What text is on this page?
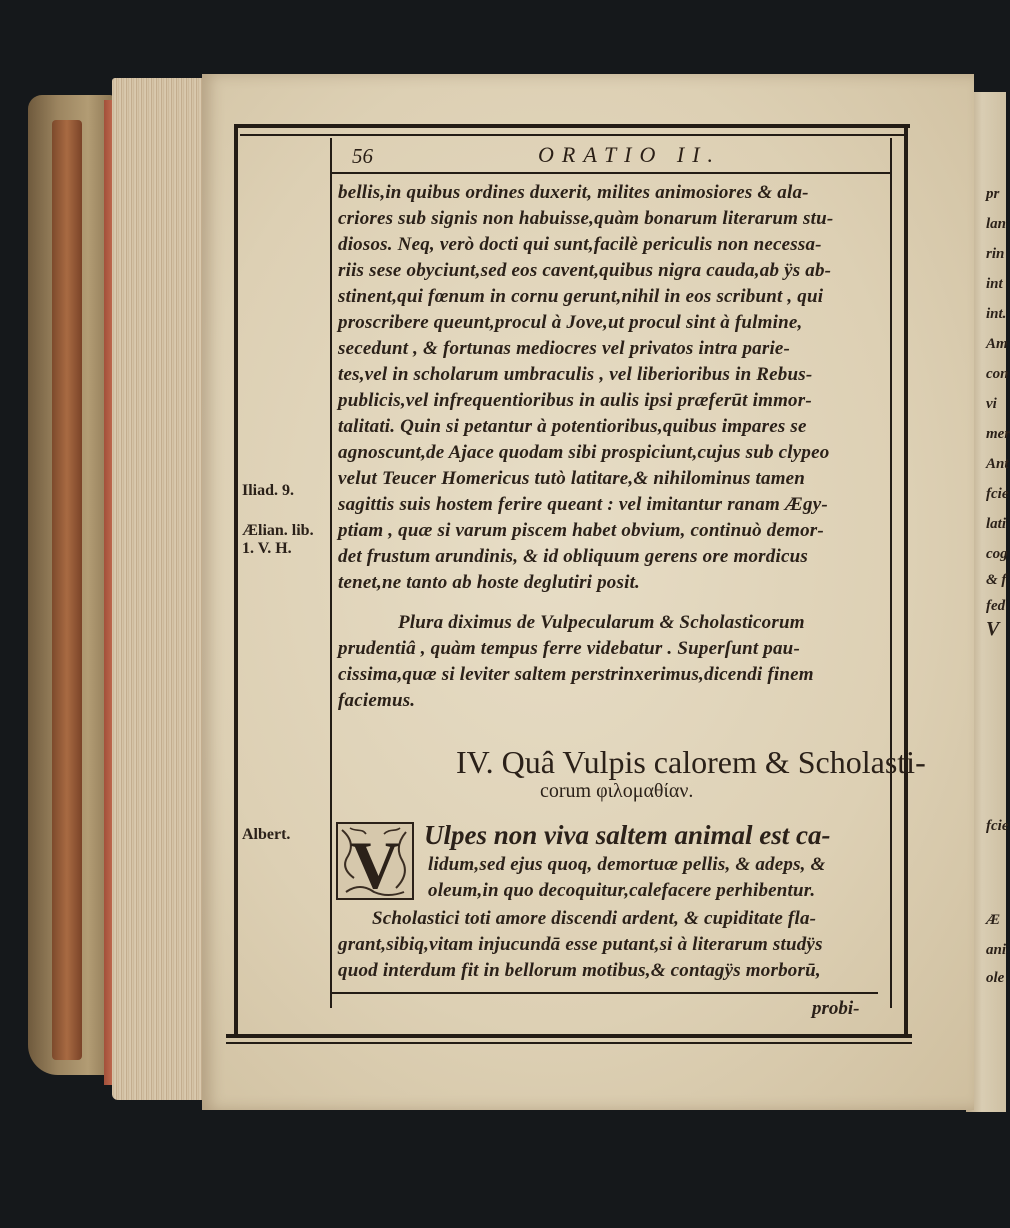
56	ORATIO II.
Iliad. 9.
Ælian. lib.
1. V. H.
Albert.
bellis,in quibus ordines duxerit, milites animosiores & ala-
criores sub signis non habuisse,quàm bonarum literarum stu-
diosos. Neq, verò docti qui sunt,facilè periculis non necessa-
riis sese obyciunt,sed eos cavent,quibus nigra cauda,ab ÿs ab-
stinent,qui fœnum in cornu gerunt,nihil in eos scribunt , qui
proscribere queunt,procul à Jove,ut procul sint à fulmine,
secedunt , & fortunas mediocres vel privatos intra parie-
tes,vel in scholarum umbraculis , vel liberioribus in Rebus-
publicis,vel infrequentioribus in aulis ipsi præferūt immor-
talitati. Quin si petantur à potentioribus,quibus impares se
agnoscunt,de Ajace quodam sibi prospiciunt,cujus sub clypeo
velut Teucer Homericus tutò latitare,& nihilominus tamen
sagittis suis hostem ferire queant : vel imitantur ranam Ægy-
ptiam , quæ si varum piscem habet obvium, continuò demor-
det frustum arundinis, & id obliquum gerens ore mordicus
tenet,ne tanto ab hoste deglutiri posit.
Plura diximus de Vulpecularum & Scholasticorum
prudentiâ , quàm tempus ferre videbatur . Superſunt pau-
cissima,quæ si leviter saltem perstrinxerimus,dicendi finem
faciemus.
IV. Quâ Vulpis calorem & Scholasti-
corum φιλομαθίαν.
V Ulpes non viva saltem animal est ca-
lidum,sed ejus quoq, demortuæ pellis, & adeps, &
oleum,in quo decoquitur,calefacere perhibentur.
Scholastici toti amore discendi ardent, & cupiditate fla-
grant,sibiq,vitam injucundā esse putant,si à literarum studÿs
quod interdum fit in bellorum motibus,& contagÿs morborū,
probi-
pr
lan
rin
int
int.
Am
con
vi
mer
Ant
fcie
lati
cog
& f
fed
V
fcie
Æ
ani
ole
